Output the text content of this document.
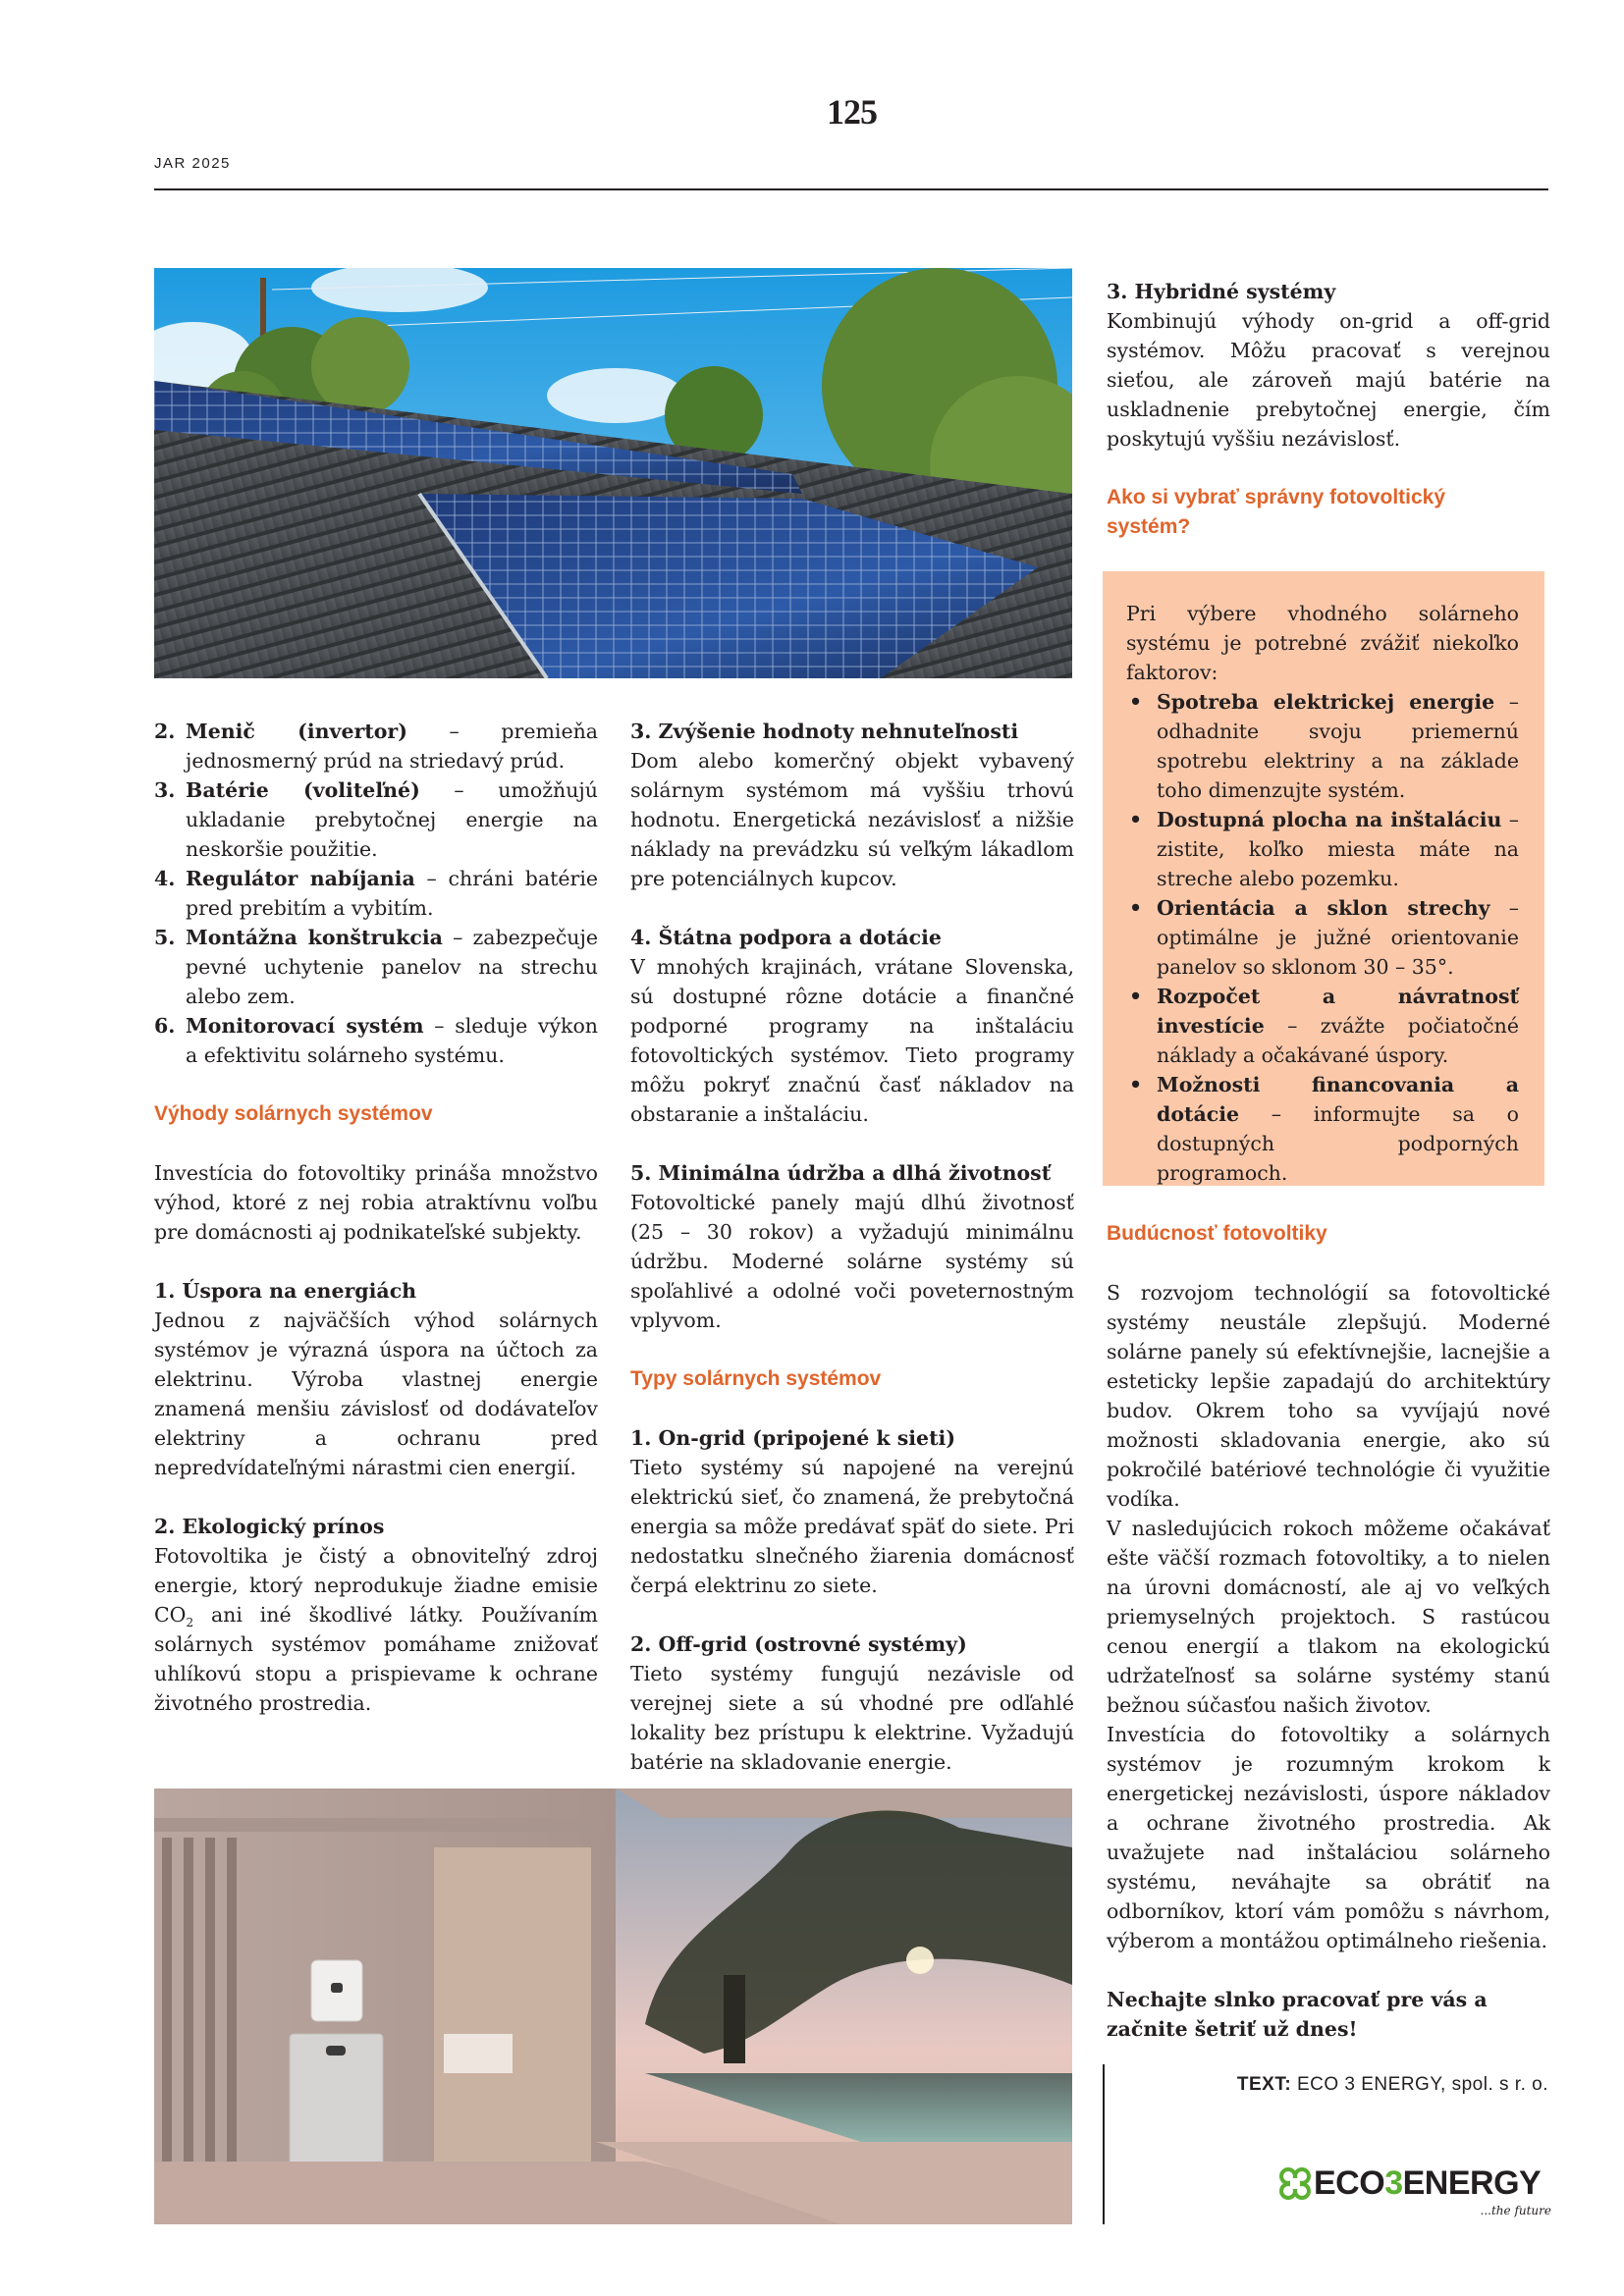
125
JAR 2025
2. Menič (invertor) – premieňa jednosmerný prúd na striedavý prúd.
3. Batérie (voliteľné) – umožňujú ukladanie prebytočnej energie na neskoršie použitie.
4. Regulátor nabíjania – chráni batérie pred prebitím a vybitím.
5. Montážna konštrukcia – zabezpečuje pevné uchytenie panelov na strechu alebo zem.
6. Monitorovací systém – sleduje výkon a efektivitu solárneho systému.

Výhody solárnych systémov

Investícia do fotovoltiky prináša množstvo výhod, ktoré z nej robia atraktívnu voľbu pre domácnosti aj podnikateľské subjekty.

1. Úspora na energiách

Jednou z najväčších výhod solárnych systémov je výrazná úspora na účtoch za elektrinu. Výroba vlastnej energie znamená menšiu závislosť od dodávateľov elektriny a ochranu pred nepredvídateľnými nárastmi cien energií.

2. Ekologický prínos

Fotovoltika je čistý a obnoviteľný zdroj energie, ktorý neprodukuje žiadne emisie $CO_2$ ani iné škodlivé látky. Používaním solárnych systémov pomáhame znižovať uhlíkovú stopu a prispievame k ochrane životného prostredia.

3. Zvýšenie hodnoty nehnuteľnosti

Dom alebo komerčný objekt vybavený solárnym systémom má vyššiu trhovú hodnotu. Energetická nezávislosť a nižšie náklady na prevádzku sú veľkým lákadlom pre potenciálnych kupcov.

4. Štátna podpora a dotácie

V mnohých krajinách, vrátane Slovenska, sú dostupné rôzne dotácie a finančné podporné programy na inštaláciu fotovoltických systémov. Tieto programy môžu pokryť značnú časť nákladov na obstaranie a inštaláciu.

5. Minimálna údržba a dlhá životnosť

Fotovoltické panely majú dlhú životnosť (25 – 30 rokov) a vyžadujú minimálnu údržbu. Moderné solárne systémy sú spoľahlivé a odolné voči poveternostným vplyvom.

Typy solárnych systémov

1. On-grid (pripojené k sieti)

Tieto systémy sú napojené na verejnú elektrickú sieť, čo znamená, že prebytočná energia sa môže predávať späť do siete. Pri nedostatku slnečného žiarenia domácnosť čerpá elektrinu zo siete.

2. Off-grid (ostrovné systémy)

Tieto systémy fungujú nezávisle od verejnej siete a sú vhodné pre odľahlé lokality bez prístupu k elektrine. Vyžadujú batérie na skladovanie energie.

3. Hybridné systémy

Kombinujú výhody on-grid a off-grid systémov. Môžu pracovať s verejnou sieťou, ale zároveň majú batérie na uskladnenie prebytočnej energie, čím poskytujú vyššiu nezávislosť.

Ako si vybrať správny fotovoltický systém?

Pri výbere vhodného solárneho systému je potrebné zvážiť niekoľko faktorov:

• Spotreba elektrickej energie – odhadnite svoju priemernú spotrebu elektriny a na základe toho dimenzujte systém.
• Dostupná plocha na inštaláciu – zistite, koľko miesta máte na streche alebo pozemku.
• Orientácia a sklon strechy – optimálne je južné orientovanie panelov so sklonom 30 – 35°.
• Rozpočet a návratnosť investície – zvážte počiatočné náklady a očakávané úspory.
• Možnosti financovania a dotácie – informujte sa o dostupných podporných programoch.

Budúcnosť fotovoltiky

S rozvojom technológií sa fotovoltické systémy neustále zlepšujú. Moderné solárne panely sú efektívnejšie, lacnejšie a esteticky lepšie zapadajú do architektúry budov. Okrem toho sa vyvíjajú nové možnosti skladovania energie, ako sú pokročilé batériové technológie či využitie vodíka.

V nasledujúcich rokoch môžeme očakávať ešte väčší rozmach fotovoltiky, a to nielen na úrovni domácností, ale aj vo veľkých priemyselných projektoch. S rastúcou cenou energií a tlakom na ekologickú udržateľnosť sa solárne systémy stanú bežnou súčasťou našich životov.

Investícia do fotovoltiky a solárnych systémov je rozumným krokom k energetickej nezávislosti, úspore nákladov a ochrane životného prostredia. Ak uvažujete nad inštaláciou solárneho systému, neváhajte sa obrátiť na odborníkov, ktorí vám pomôžu s návrhom, výberom a montážou optimálneho riešenia.

Nechajte slnko pracovať pre vás a začnite šetriť už dnes!

TEXT: ECO 3 ENERGY, spol. s r. o.
ECO3ENERGY
...the future
